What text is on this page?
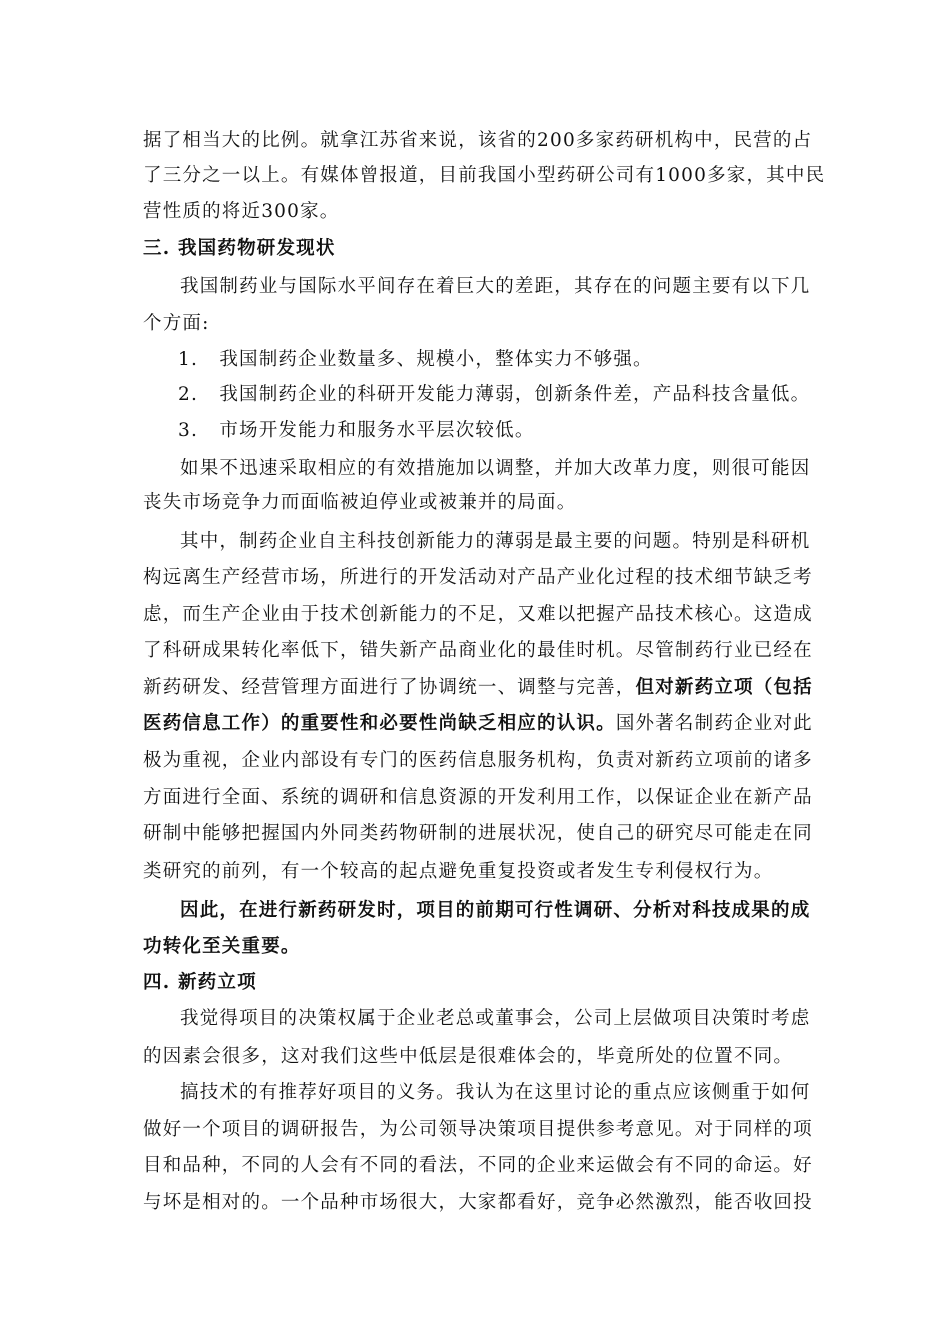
据了相当大的比例。就拿江苏省来说，该省的200多家药研机构中，民营的占
了三分之一以上。有媒体曾报道，目前我国小型药研公司有1000多家，其中民
营性质的将近300家。
三. 我国药物研发现状
我国制药业与国际水平间存在着巨大的差距，其存在的问题主要有以下几
个方面:
1. 我国制药企业数量多、规模小，整体实力不够强。
2. 我国制药企业的科研开发能力薄弱，创新条件差，产品科技含量低。
3. 市场开发能力和服务水平层次较低。
如果不迅速采取相应的有效措施加以调整，并加大改革力度，则很可能因
丧失市场竞争力而面临被迫停业或被兼并的局面。
其中，制药企业自主科技创新能力的薄弱是最主要的问题。特别是科研机
构远离生产经营市场，所进行的开发活动对产品产业化过程的技术细节缺乏考
虑，而生产企业由于技术创新能力的不足，又难以把握产品技术核心。这造成
了科研成果转化率低下，错失新产品商业化的最佳时机。尽管制药行业已经在
新药研发、经营管理方面进行了协调统一、调整与完善，但对新药立项（包括
医药信息工作）的重要性和必要性尚缺乏相应的认识。国外著名制药企业对此
极为重视，企业内部设有专门的医药信息服务机构，负责对新药立项前的诸多
方面进行全面、系统的调研和信息资源的开发利用工作，以保证企业在新产品
研制中能够把握国内外同类药物研制的进展状况，使自己的研究尽可能走在同
类研究的前列，有一个较高的起点避免重复投资或者发生专利侵权行为。
因此，在进行新药研发时，项目的前期可行性调研、分析对科技成果的成
功转化至关重要。
四. 新药立项
我觉得项目的决策权属于企业老总或董事会，公司上层做项目决策时考虑
的因素会很多，这对我们这些中低层是很难体会的，毕竟所处的位置不同。
搞技术的有推荐好项目的义务。我认为在这里讨论的重点应该侧重于如何
做好一个项目的调研报告，为公司领导决策项目提供参考意见。对于同样的项
目和品种，不同的人会有不同的看法，不同的企业来运做会有不同的命运。好
与坏是相对的。一个品种市场很大，大家都看好，竞争必然激烈，能否收回投
